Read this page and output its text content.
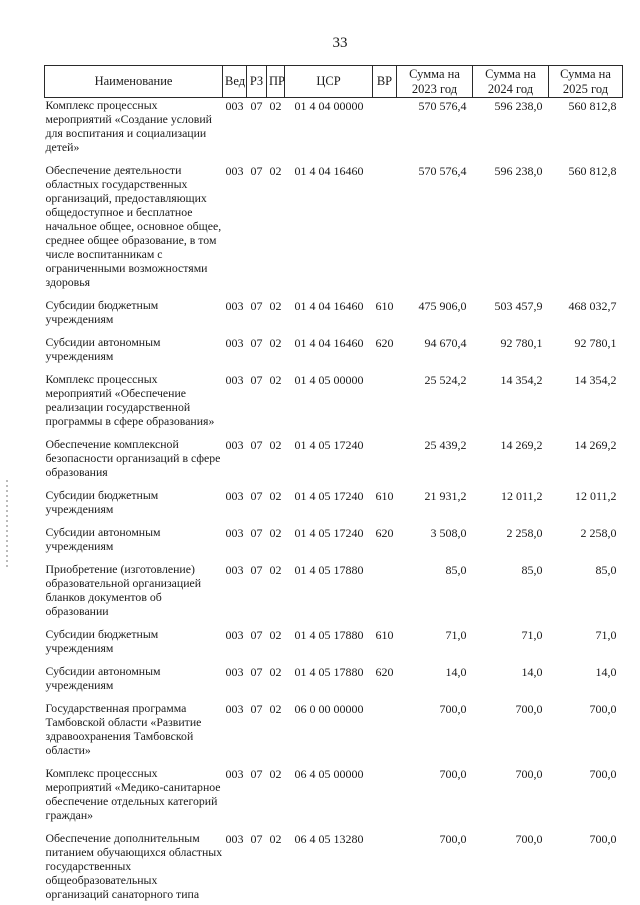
33
Наименование	Вед	РЗ	ПР	ЦСР	ВР	Сумма на 2023 год	Сумма на 2024 год	Сумма на 2025 год
Комплекс процессных мероприятий «Создание условий для воспитания и социализации детей»	003	07	02	01 4 04 00000		570 576,4	596 238,0	560 812,8

Обеспечение деятельности областных государственных организаций, предоставляющих общедоступное и бесплатное начальное общее, основное общее, среднее общее образование, в том числе воспитанникам с ограниченными возможностями здоровья	003	07	02	01 4 04 16460		570 576,4	596 238,0	560 812,8

Субсидии бюджетным учреждениям	003	07	02	01 4 04 16460	610	475 906,0	503 457,9	468 032,7

Субсидии автономным учреждениям	003	07	02	01 4 04 16460	620	94 670,4	92 780,1	92 780,1

Комплекс процессных мероприятий «Обеспечение реализации государственной программы в сфере образования»	003	07	02	01 4 05 00000		25 524,2	14 354,2	14 354,2

Обеспечение комплексной безопасности организаций в сфере образования	003	07	02	01 4 05 17240		25 439,2	14 269,2	14 269,2

Субсидии бюджетным учреждениям	003	07	02	01 4 05 17240	610	21 931,2	12 011,2	12 011,2

Субсидии автономным учреждениям	003	07	02	01 4 05 17240	620	3 508,0	2 258,0	2 258,0

Приобретение (изготовление) образовательной организацией бланков документов об образовании	003	07	02	01 4 05 17880		85,0	85,0	85,0

Субсидии бюджетным учреждениям	003	07	02	01 4 05 17880	610	71,0	71,0	71,0

Субсидии автономным учреждениям	003	07	02	01 4 05 17880	620	14,0	14,0	14,0

Государственная программа Тамбовской области «Развитие здравоохранения Тамбовской области»	003	07	02	06 0 00 00000		700,0	700,0	700,0

Комплекс процессных мероприятий «Медико-санитарное обеспечение отдельных категорий граждан»	003	07	02	06 4 05 00000		700,0	700,0	700,0

Обеспечение дополнительным питанием обучающихся областных государственных общеобразовательных организаций санаторного типа	003	07	02	06 4 05 13280		700,0	700,0	700,0
